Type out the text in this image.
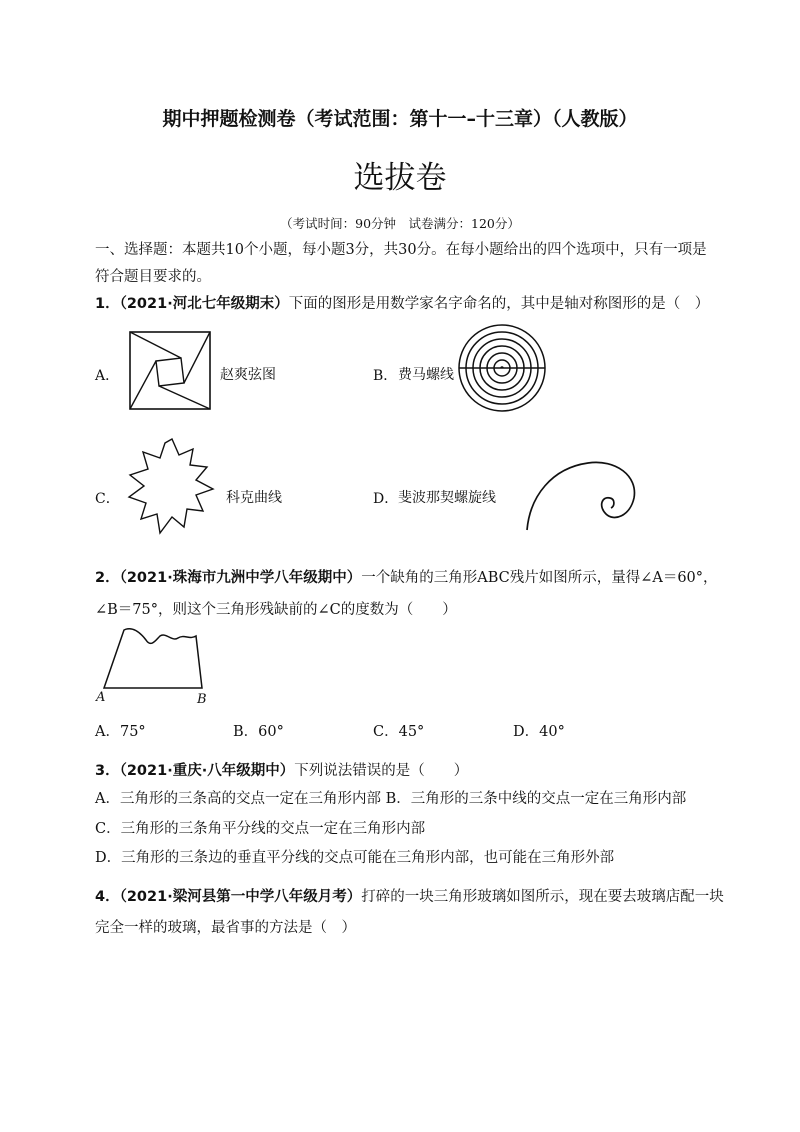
期中押题检测卷（考试范围：第十一–十三章）（人教版）
选拔卷
（考试时间：90分钟　试卷满分：120分）
一、选择题：本题共10个小题，每小题3分，共30分。在每小题给出的四个选项中，只有一项是
符合题目要求的。
1．（2021·河北七年级期末）下面的图形是用数学家名字命名的，其中是轴对称图形的是（　）
A．	赵爽弦图	B． 费马螺线
C．	科克曲线	D． 斐波那契螺旋线
2．（2021·珠海市九洲中学八年级期中）一个缺角的三角形ABC残片如图所示，量得∠A＝60°，
∠B＝75°，则这个三角形残缺前的∠C的度数为（　　）
A	B
A．75°	B．60°	C．45°	D．40°
3．（2021·重庆·八年级期中）下列说法错误的是（　　）
A．三角形的三条高的交点一定在三角形内部 B．三角形的三条中线的交点一定在三角形内部
C．三角形的三条角平分线的交点一定在三角形内部
D．三角形的三条边的垂直平分线的交点可能在三角形内部，也可能在三角形外部
4．（2021·梁河县第一中学八年级月考）打碎的一块三角形玻璃如图所示，现在要去玻璃店配一块
完全一样的玻璃，最省事的方法是（　）
